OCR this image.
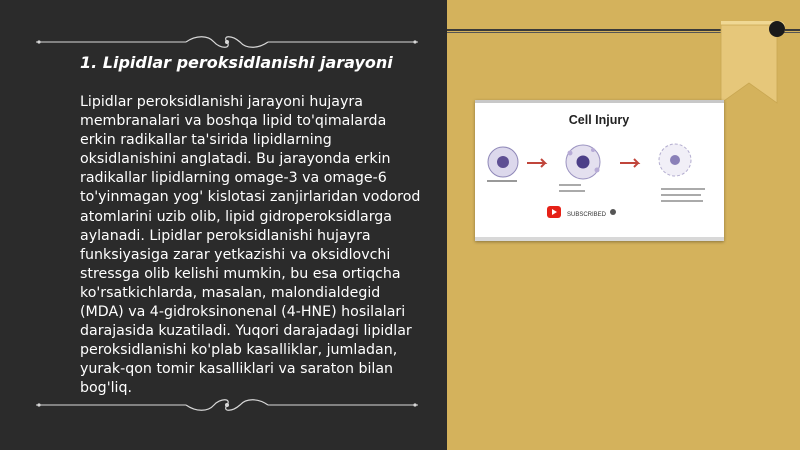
1. Lipidlar peroksidlanishi jarayoni

Lipidlar peroksidlanishi jarayoni hujayra membranalari va boshqa lipid to'qimalarda erkin radikallar ta'sirida lipidlarning oksidlanishini anglatadi. Bu jarayonda erkin radikallar lipidlarning omage-3 va omage-6 to'yinmagan yog' kislotasi zanjirlaridan vodorod atomlarini uzib olib, lipid gidroperoksidlarga aylanadi. Lipidlar peroksidlanishi hujayra funksiyasiga zarar yetkazishi va oksidlovchi stressga olib kelishi mumkin, bu esa ortiqcha ko'rsatkichlarda, masalan, malondialdegid (MDA) va 4-gidroksinonenal (4-HNE) hosilalari darajasida kuzatiladi. Yuqori darajadagi lipidlar peroksidlanishi ko'plab kasalliklar, jumladan, yurak-qon tomir kasalliklari va saraton bilan bog'liq.

Cell Injury
SUBSCRIBED
